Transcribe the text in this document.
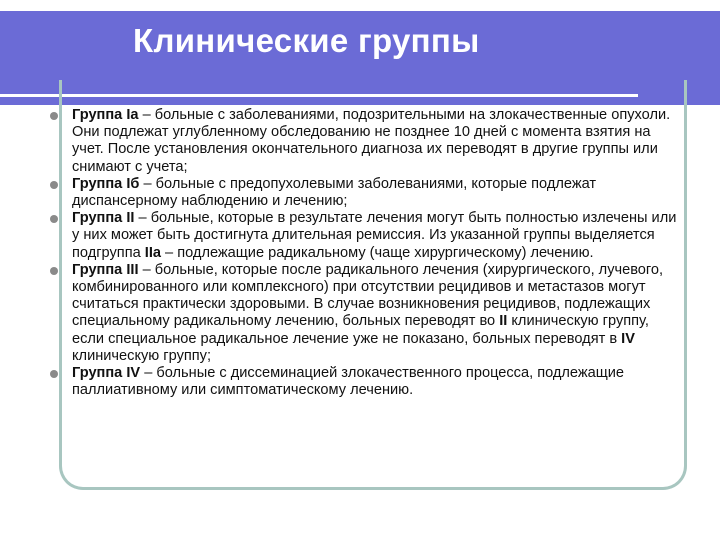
Клинические группы
Группа Ia – больные с заболеваниями, подозрительными на злокачественные опухоли. Они подлежат углубленному обследованию не позднее 10 дней с момента взятия на учет. После установления окончательного диагноза их переводят в другие группы или снимают с учета;
Группа Iб – больные с предопухолевыми заболеваниями, которые подлежат диспансерному наблюдению и лечению;
Группа II – больные, которые в результате лечения могут быть полностью излечены или у них может быть достигнута длительная ремиссия. Из указанной группы выделяется подгруппа IIа – подлежащие радикальному (чаще хирургическому) лечению.
Группа III – больные, которые после радикального лечения (хирургического, лучевого, комбинированного или комплексного) при отсутствии рецидивов и метастазов могут считаться практически здоровыми. В случае возникновения рецидивов, подлежащих специальному радикальному лечению, больных переводят во II клиническую группу, если специальное радикальное лечение уже не показано, больных переводят в IV клиническую группу;
Группа IV – больные с диссеминацией злокачественного процесса, подлежащие паллиативному или симптоматическому лечению.
